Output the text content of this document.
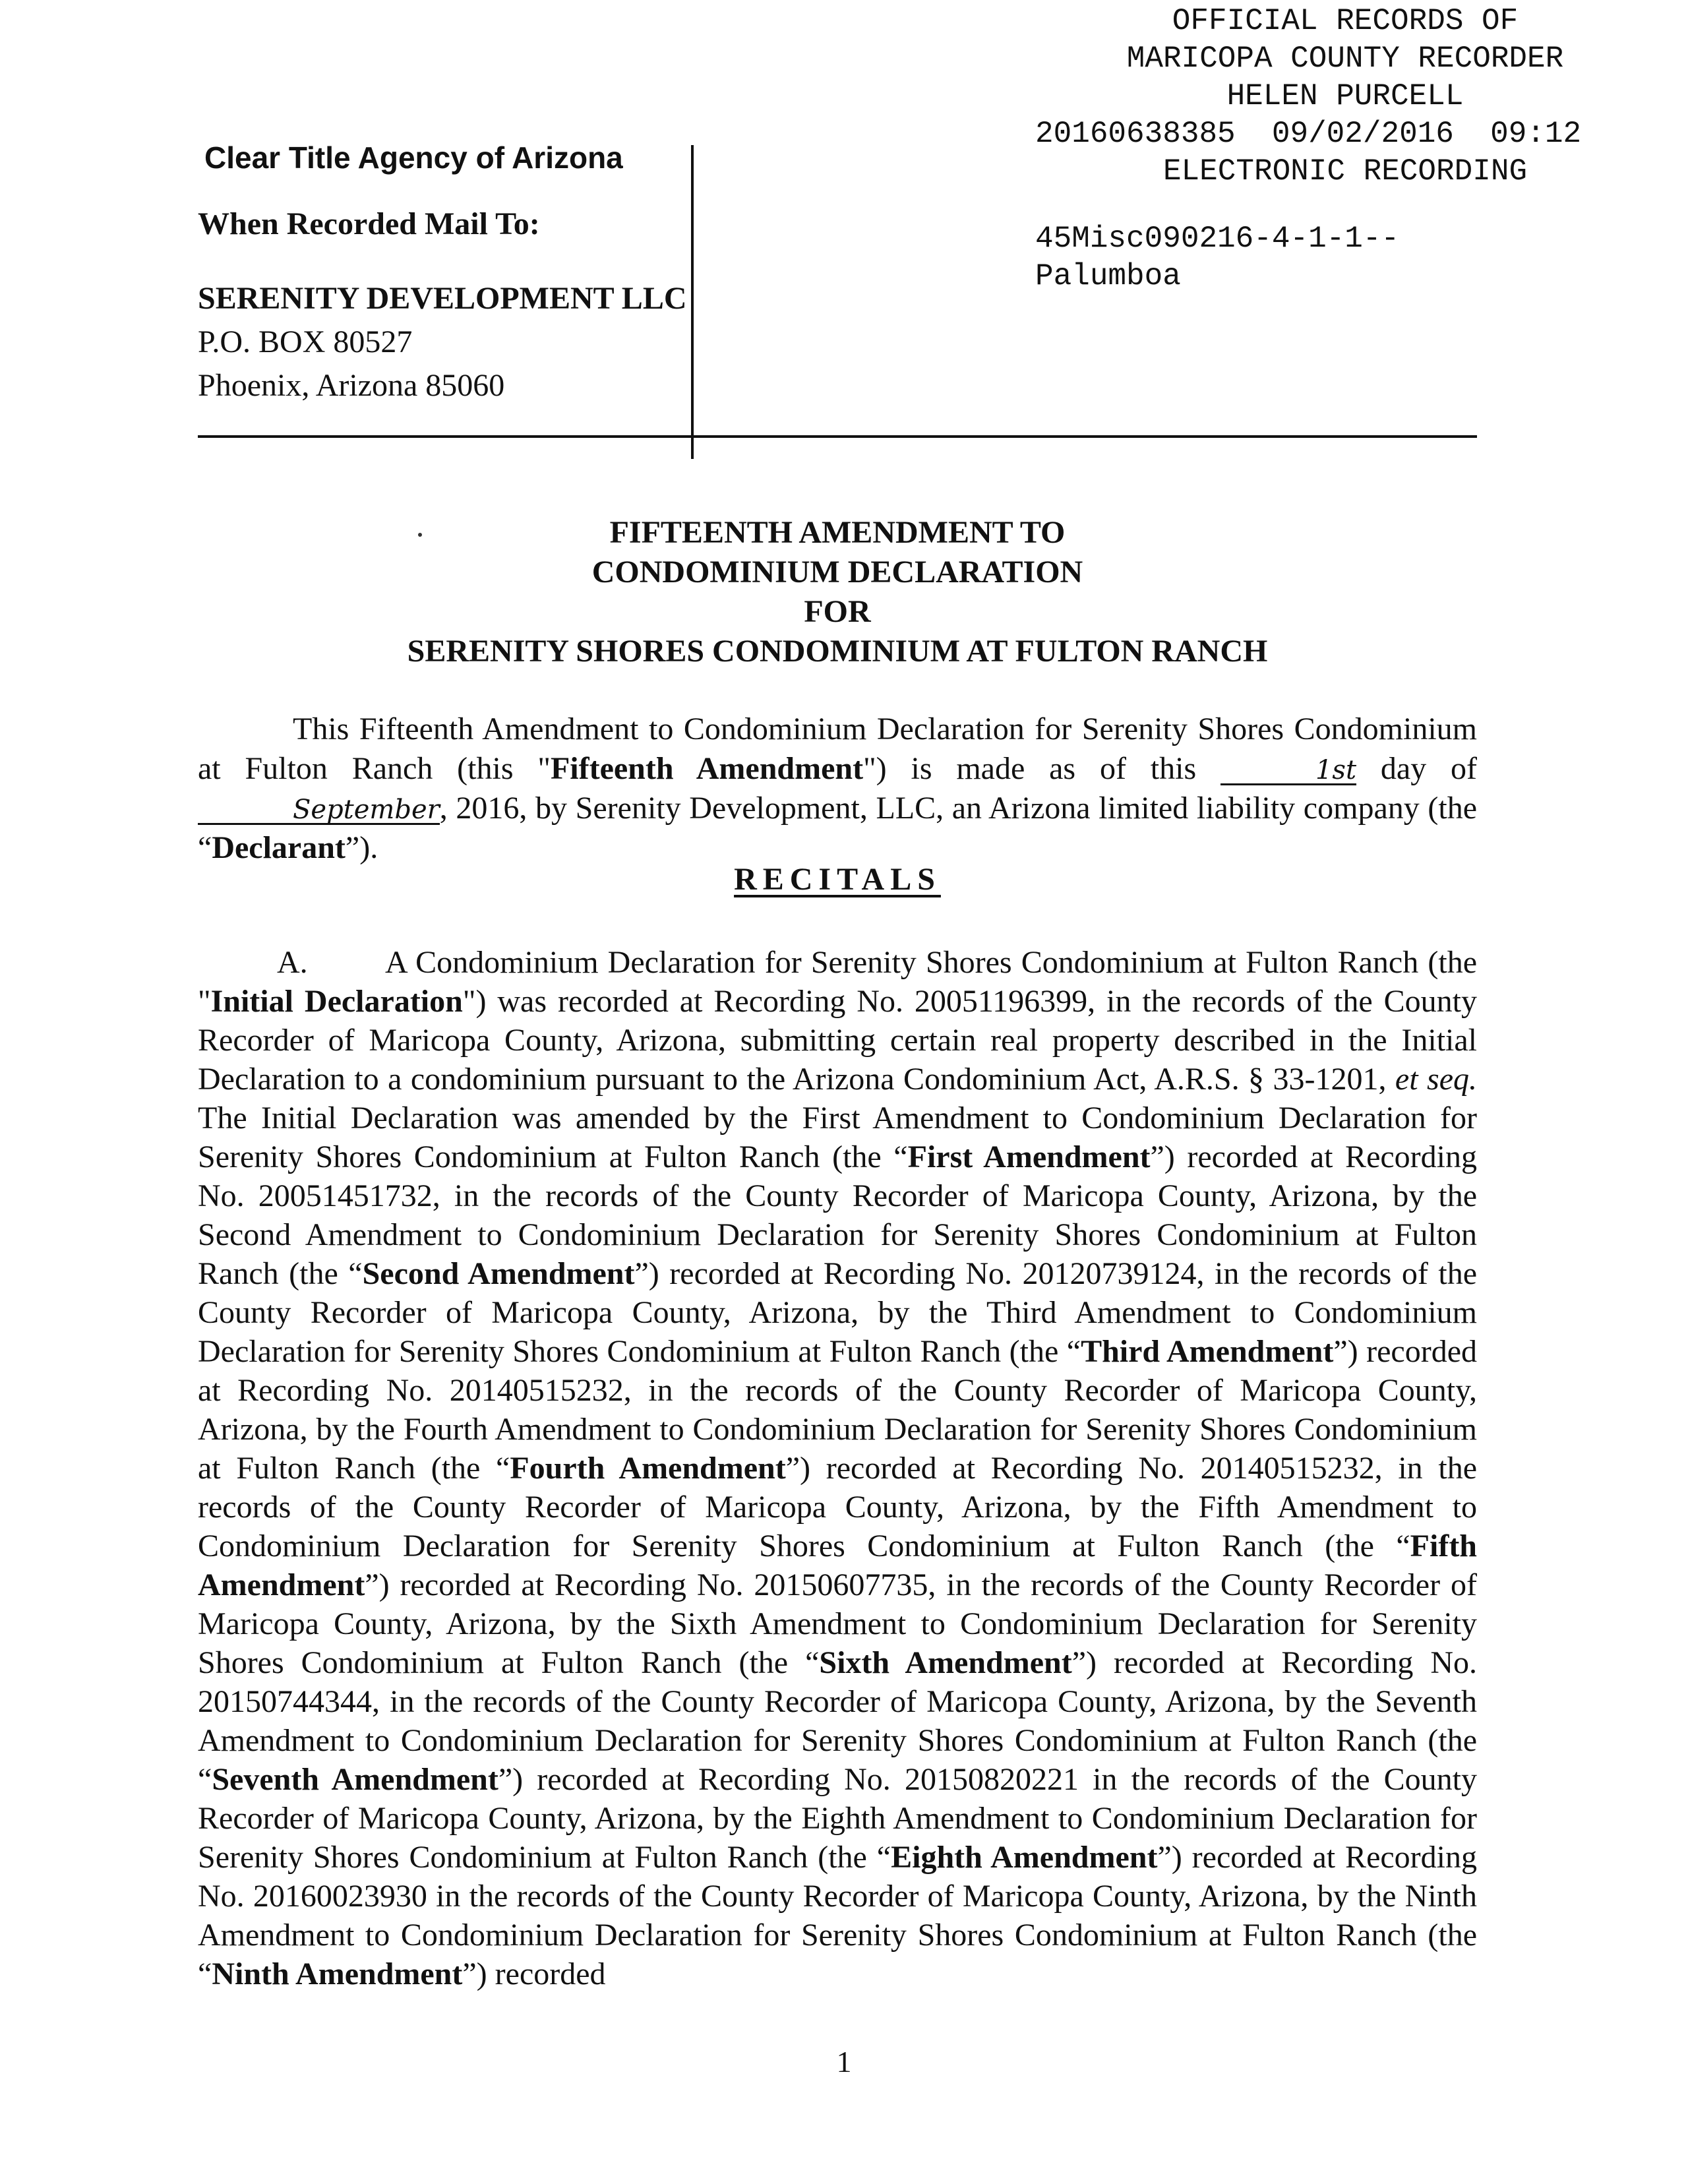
OFFICIAL RECORDS OF
MARICOPA COUNTY RECORDER
HELEN PURCELL
20160638385  09/02/2016  09:12
ELECTRONIC RECORDING
45Misc090216-4-1-1--
Palumboa
Clear Title Agency of Arizona
When Recorded Mail To:
SERENITY DEVELOPMENT LLC
P.O. BOX 80527
Phoenix, Arizona 85060
FIFTEENTH AMENDMENT TO
CONDOMINIUM DECLARATION
FOR
SERENITY SHORES CONDOMINIUM AT FULTON RANCH

This Fifteenth Amendment to Condominium Declaration for Serenity Shores Condominium at Fulton Ranch (this "Fifteenth Amendment") is made as of this	1st day of September, 2016, by Serenity Development, LLC, an Arizona limited liability company (the “Declarant”).

RECITALS

A. A Condominium Declaration for Serenity Shores Condominium at Fulton Ranch (the "Initial Declaration") was recorded at Recording No. 20051196399, in the records of the County Recorder of Maricopa County, Arizona, submitting certain real property described in the Initial Declaration to a condominium pursuant to the Arizona Condominium Act, A.R.S. § 33-1201, et seq. The Initial Declaration was amended by the First Amendment to Condominium Declaration for Serenity Shores Condominium at Fulton Ranch (the “First Amendment”) recorded at Recording No. 20051451732, in the records of the County Recorder of Maricopa County, Arizona, by the Second Amendment to Condominium Declaration for Serenity Shores Condominium at Fulton Ranch (the “Second Amendment”) recorded at Recording No. 20120739124, in the records of the County Recorder of Maricopa County, Arizona, by the Third Amendment to Condominium Declaration for Serenity Shores Condominium at Fulton Ranch (the “Third Amendment”) recorded at Recording No. 20140515232, in the records of the County Recorder of Maricopa County, Arizona, by the Fourth Amendment to Condominium Declaration for Serenity Shores Condominium at Fulton Ranch (the “Fourth Amendment”) recorded at Recording No. 20140515232, in the records of the County Recorder of Maricopa County, Arizona, by the Fifth Amendment to Condominium Declaration for Serenity Shores Condominium at Fulton Ranch (the “Fifth Amendment”) recorded at Recording No. 20150607735, in the records of the County Recorder of Maricopa County, Arizona, by the Sixth Amendment to Condominium Declaration for Serenity Shores Condominium at Fulton Ranch (the “Sixth Amendment”) recorded at Recording No. 20150744344, in the records of the County Recorder of Maricopa County, Arizona, by the Seventh Amendment to Condominium Declaration for Serenity Shores Condominium at Fulton Ranch (the “Seventh Amendment”) recorded at Recording No. 20150820221 in the records of the County Recorder of Maricopa County, Arizona, by the Eighth Amendment to Condominium Declaration for Serenity Shores Condominium at Fulton Ranch (the “Eighth Amendment”) recorded at Recording No. 20160023930 in the records of the County Recorder of Maricopa County, Arizona, by the Ninth Amendment to Condominium Declaration for Serenity Shores Condominium at Fulton Ranch (the “Ninth Amendment”) recorded

1
